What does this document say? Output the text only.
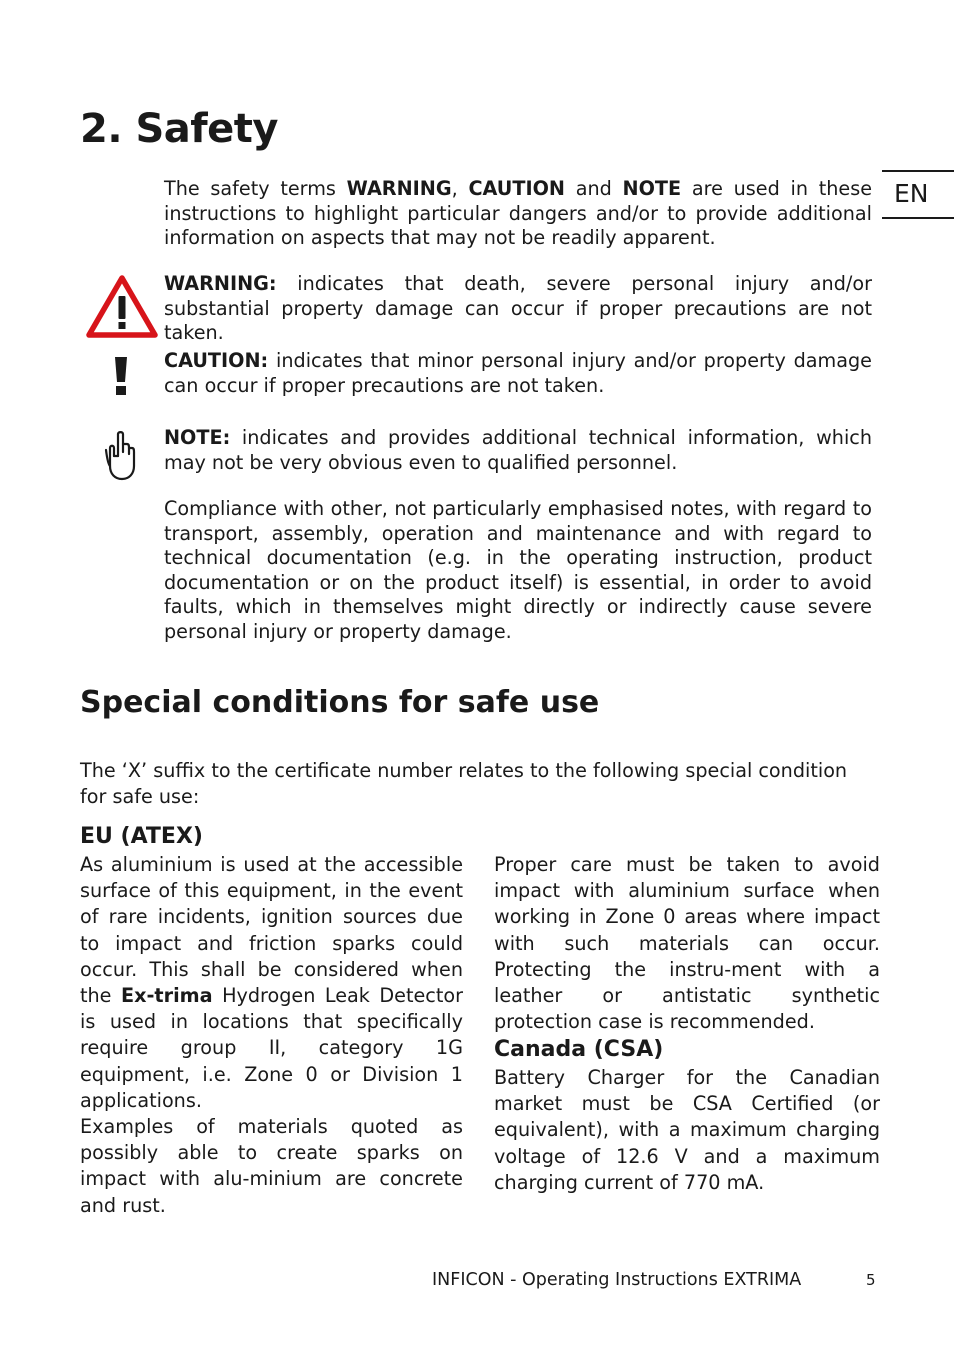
2. Safety
EN

The safety terms WARNING, CAUTION and NOTE are used in these instructions to highlight particular dangers and/or to provide additional information on aspects that may not be readily apparent.

WARNING: indicates that death, severe personal injury and/or substantial property damage can occur if proper precautions are not taken.

CAUTION: indicates that minor personal injury and/or property damage can occur if proper precautions are not taken.

NOTE: indicates and provides additional technical information, which may not be very obvious even to qualified personnel.

Compliance with other, not particularly emphasised notes, with regard to transport, assembly, operation and maintenance and with regard to technical documentation (e.g. in the operating instruction, product documentation or on the product itself) is essential, in order to avoid faults, which in themselves might directly or indirectly cause severe personal injury or property damage.

Special conditions for safe use

The ‘X’ suffix to the certificate number relates to the following special condition for safe use:

EU (ATEX)

As aluminium is used at the accessible surface of this equipment, in the event of rare incidents, ignition sources due to impact and friction sparks could occur. This shall be considered when the Ex-trima Hydrogen Leak Detector is used in locations that specifically require group II, category 1G equipment, i.e. Zone 0 or Division 1 applications.

Examples of materials quoted as possibly able to create sparks on impact with alu-minium are concrete and rust.

Proper care must be taken to avoid impact with aluminium surface when working in Zone 0 areas where impact with such materials can occur. Protecting the instru-ment with a leather or antistatic synthetic protection case is recommended.

Canada (CSA)

Battery Charger for the Canadian market must be CSA Certified (or equivalent), with a maximum charging voltage of 12.6 V and a maximum charging current of 770 mA.

INFICON - Operating Instructions EXTRIMA	5
